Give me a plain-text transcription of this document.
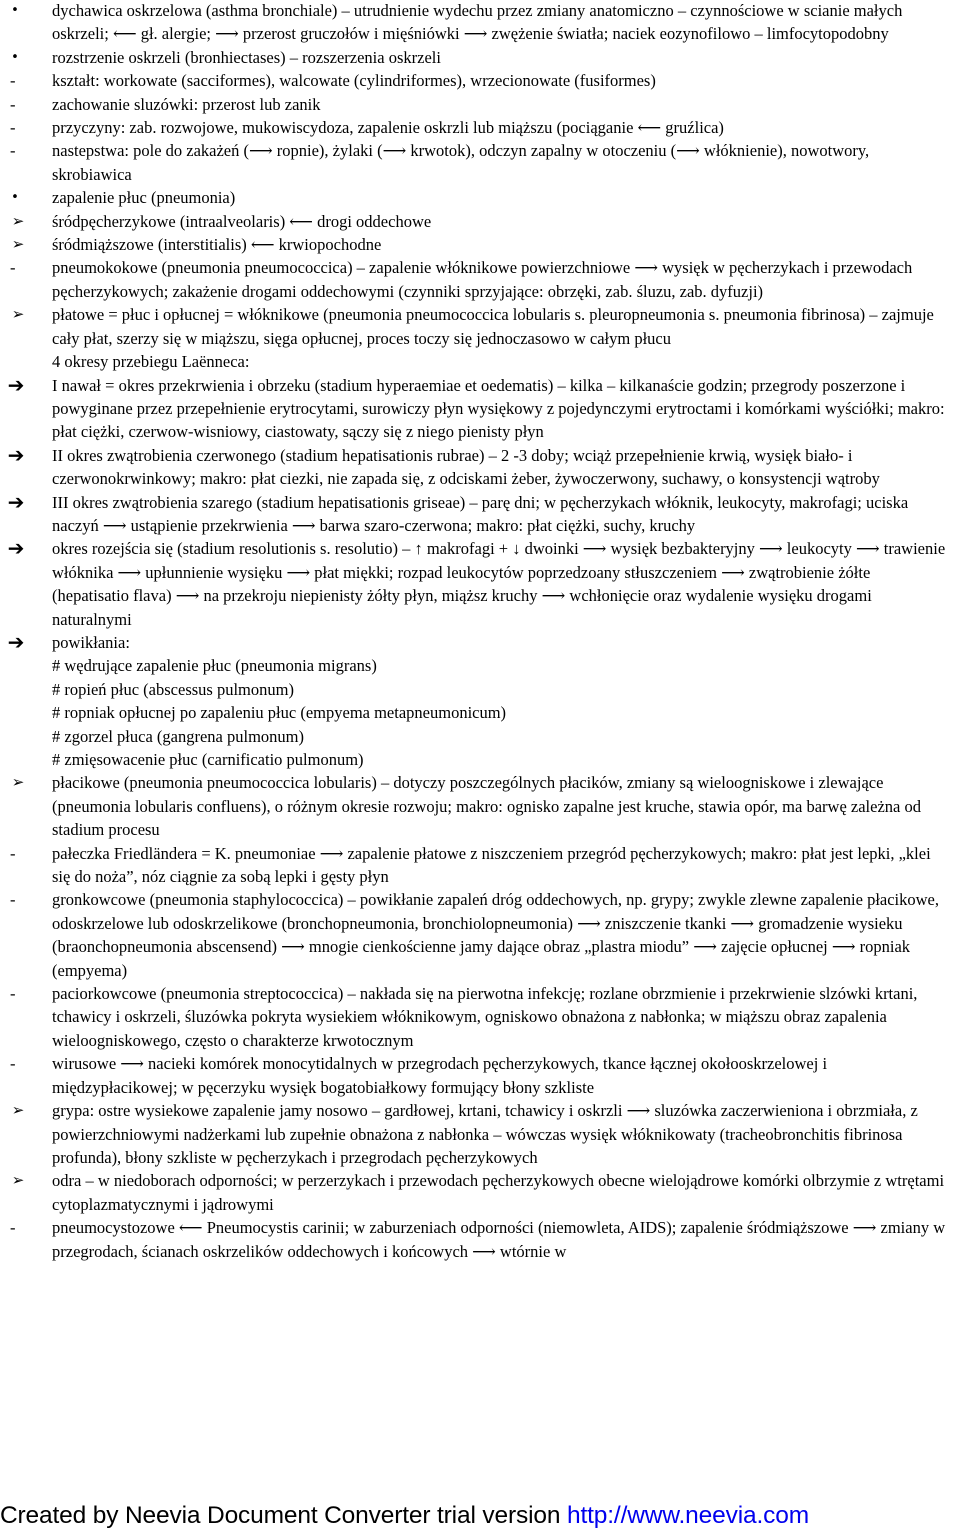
•	dychawica oskrzelowa (asthma bronchiale) – utrudnienie wydechu przez zmiany anatomiczno – czynnościowe w scianie małych oskrzeli; ⟵ gł. alergie; ⟶ przerost gruczołów i mięśniówki ⟶ zwężenie światła; naciek eozynofilowo – limfocytopodobny
•	rozstrzenie oskrzeli (bronhiectases) – rozszerzenia oskrzeli
-	kształt: workowate (sacciformes), walcowate (cylindriformes), wrzecionowate (fusiformes)
-	zachowanie sluzówki: przerost lub zanik
-	przyczyny: zab. rozwojowe, mukowiscydoza, zapalenie oskrzli lub miąższu (pociąganie ⟵ gruźlica)
-	nastepstwa: pole do zakażeń (⟶ ropnie), żylaki (⟶ krwotok), odczyn zapalny w otoczeniu (⟶ włóknienie), nowotwory, skrobiawica
•	zapalenie płuc (pneumonia)
➢ śródpęcherzykowe (intraalveolaris) ⟵ drogi oddechowe
➢ śródmiąższowe (interstitialis) ⟵ krwiopochodne
-	pneumokokowe (pneumonia pneumococcica) – zapalenie włóknikowe powierzchniowe ⟶ wysięk w pęcherzykach i przewodach pęcherzykowych; zakażenie drogami oddechowymi (czynniki sprzyjające: obrzęki, zab. śluzu, zab. dyfuzji)
➢ płatowe = płuc i opłucnej = włóknikowe (pneumonia pneumococcica lobularis s. pleuropneumonia s. pneumonia fibrinosa) – zajmuje cały płat, szerzy się w miąższu, sięga opłucnej, proces toczy się jednoczasowo w całym płucu
4 okresy przebiegu Laënneca:
➔ I nawał = okres przekrwienia i obrzeku (stadium hyperaemiae et oedematis) – kilka – kilkanaście godzin; przegrody poszerzone i powyginane przez przepełnienie erytrocytami, surowiczy płyn wysiękowy z pojedynczymi erytroctami i komórkami wyściółki; makro: płat ciężki, czerwow-wisniowy, ciastowaty, sączy się z niego pienisty płyn
➔ II okres zwątrobienia czerwonego (stadium hepatisationis rubrae) – 2 -3 doby; wciąż przepełnienie krwią, wysięk biało- i czerwonokrwinkowy; makro: płat ciezki, nie zapada się, z odciskami żeber, żywoczerwony, suchawy, o konsystencji wątroby
➔ III okres zwątrobienia szarego (stadium hepatisationis griseae) – parę dni; w pęcherzykach włóknik, leukocyty, makrofagi; uciska naczyń ⟶ ustąpienie przekrwienia ⟶ barwa szaro-czerwona; makro: płat ciężki, suchy, kruchy
➔ okres rozejścia się (stadium resolutionis s. resolutio) – ↑ makrofagi + ↓ dwoinki ⟶ wysięk bezbakteryjny ⟶ leukocyty ⟶ trawienie włóknika ⟶ upłunnienie wysięku ⟶ płat miękki; rozpad leukocytów poprzedzoany stłuszczeniem ⟶ zwątrobienie żółte (hepatisatio flava) ⟶ na przekroju niepienisty żółty płyn, miąższ kruchy ⟶ wchłonięcie oraz wydalenie wysięku drogami naturalnymi
➔ powikłania:
# wędrujące zapalenie płuc (pneumonia migrans)
# ropień płuc (abscessus pulmonum)
# ropniak opłucnej po zapaleniu płuc (empyema metapneumonicum)
# zgorzel płuca (gangrena pulmonum)
# zmięsowacenie płuc (carnificatio pulmonum)
➢ płacikowe (pneumonia pneumococcica lobularis) – dotyczy poszczególnych płacików, zmiany są wieloogniskowe i zlewające (pneumonia lobularis confluens), o różnym okresie rozwoju; makro: ognisko zapalne jest kruche, stawia opór, ma barwę zależna od stadium procesu
-	pałeczka Friedländera = K. pneumoniae ⟶ zapalenie płatowe z niszczeniem przegród pęcherzykowych; makro: płat jest lepki, „klei się do noża”, nóz ciągnie za sobą lepki i gęsty płyn
-	gronkowcowe (pneumonia staphylococcica) – powikłanie zapaleń dróg oddechowych, np. grypy; zwykle zlewne zapalenie płacikowe, odoskrzelowe lub odoskrzelikowe (bronchopneumonia, bronchiolopneumonia) ⟶ zniszczenie tkanki ⟶ gromadzenie wysieku (braonchopneumonia abscensend) ⟶ mnogie cienkościenne jamy dające obraz „plastra miodu” ⟶ zajęcie opłucnej ⟶ ropniak (empyema)
-	paciorkowcowe (pneumonia streptococcica) – nakłada się na pierwotna infekcję; rozlane obrzmienie i przekrwienie slzówki krtani, tchawicy i oskrzeli, śluzówka pokryta wysiekiem włóknikowym, ogniskowo obnażona z nabłonka; w miąższu obraz zapalenia wieloogniskowego, często o charakterze krwotocznym
-	wirusowe ⟶ nacieki komórek monocytidalnych w przegrodach pęcherzykowych, tkance łącznej okołooskrzelowej i międzypłacikowej; w pęcerzyku wysięk bogatobiałkowy formujący błony szkliste
➢ grypa: ostre wysiekowe zapalenie jamy nosowo – gardłowej, krtani, tchawicy i oskrzli ⟶ sluzówka zaczerwieniona i obrzmiała, z powierzchniowymi nadżerkami lub zupełnie obnażona z nabłonka – wówczas wysięk włóknikowaty (tracheobronchitis fibrinosa profunda), błony szkliste w pęcherzykach i przegrodach pęcherzykowych
➢ odra – w niedoborach odporności; w perzerzykach i przewodach pęcherzykowych obecne wielojądrowe komórki olbrzymie z wtrętami cytoplazmatycznymi i jądrowymi
-	pneumocystozowe ⟵ Pneumocystis carinii; w zaburzeniach odporności (niemowleta, AIDS); zapalenie śródmiąższowe ⟶ zmiany w przegrodach, ścianach oskrzelików oddechowych i końcowych ⟶ wtórnie w
Created by Neevia Document Converter trial version http://www.neevia.com
